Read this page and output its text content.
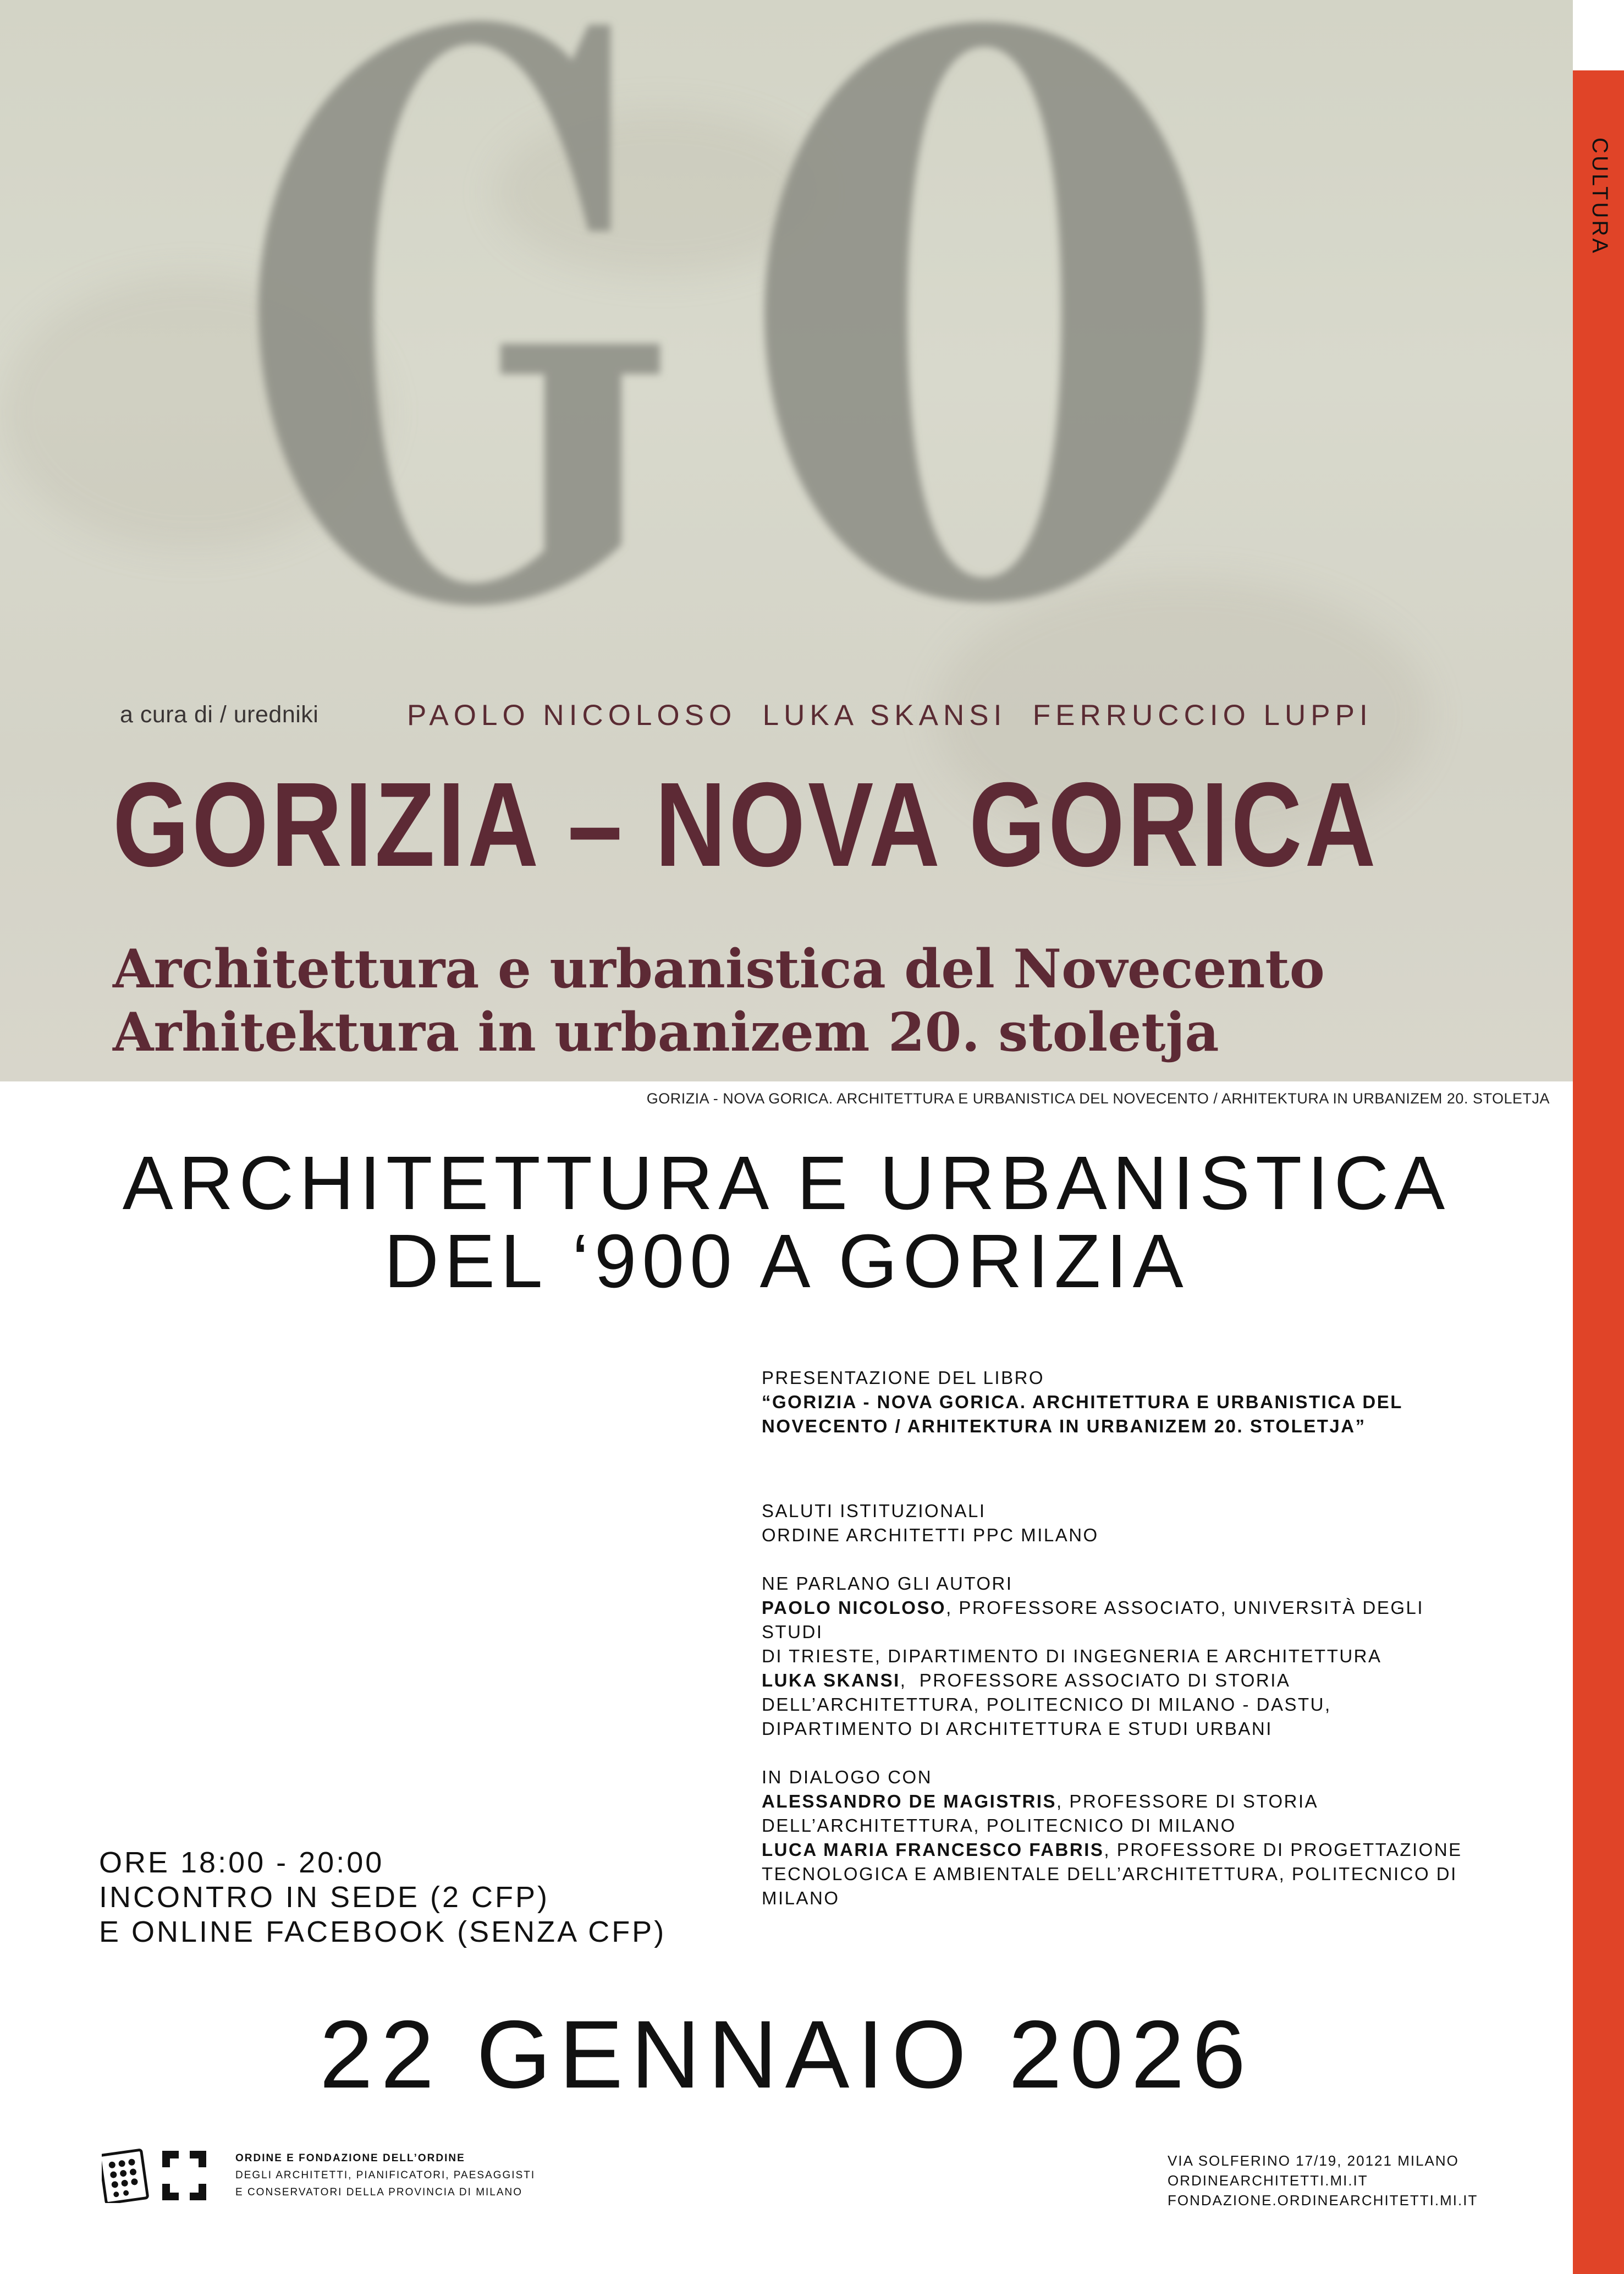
a cura di / uredniki	PAOLO NICOLOSO  LUKA SKANSI  FERRUCCIO LUPPI
GORIZIA – NOVA GORICA
Architettura e urbanistica del Novecento
Arhitektura in urbanizem 20. stoletja
GORIZIA - NOVA GORICA. ARCHITETTURA E URBANISTICA DEL NOVECENTO / ARHITEKTURA IN URBANIZEM 20. STOLETJA
CULTURA
ARCHITETTURA E URBANISTICA
DEL ‘900 A GORIZIA
PRESENTAZIONE DEL LIBRO
“GORIZIA - NOVA GORICA. ARCHITETTURA E URBANISTICA DEL
NOVECENTO / ARHITEKTURA IN URBANIZEM 20. STOLETJA”
SALUTI ISTITUZIONALI
ORDINE ARCHITETTI PPC MILANO
NE PARLANO GLI AUTORI
PAOLO NICOLOSO, PROFESSORE ASSOCIATO, UNIVERSITÀ DEGLI STUDI
DI TRIESTE, DIPARTIMENTO DI INGEGNERIA E ARCHITETTURA
LUKA SKANSI,  PROFESSORE ASSOCIATO DI STORIA
DELL’ARCHITETTURA, POLITECNICO DI MILANO - DASTU,
DIPARTIMENTO DI ARCHITETTURA E STUDI URBANI
IN DIALOGO CON
ALESSANDRO DE MAGISTRIS, PROFESSORE DI STORIA
DELL’ARCHITETTURA, POLITECNICO DI MILANO
LUCA MARIA FRANCESCO FABRIS, PROFESSORE DI PROGETTAZIONE
TECNOLOGICA E AMBIENTALE DELL’ARCHITETTURA, POLITECNICO DI
MILANO
ORE 18:00 - 20:00
INCONTRO IN SEDE (2 CFP)
E ONLINE FACEBOOK (SENZA CFP)
22 GENNAIO 2026
ORDINE E FONDAZIONE DELL’ORDINE
DEGLI ARCHITETTI, PIANIFICATORI, PAESAGGISTI
E CONSERVATORI DELLA PROVINCIA DI MILANO
VIA SOLFERINO 17/19, 20121 MILANO
ORDINEARCHITETTI.MI.IT
FONDAZIONE.ORDINEARCHITETTI.MI.IT
